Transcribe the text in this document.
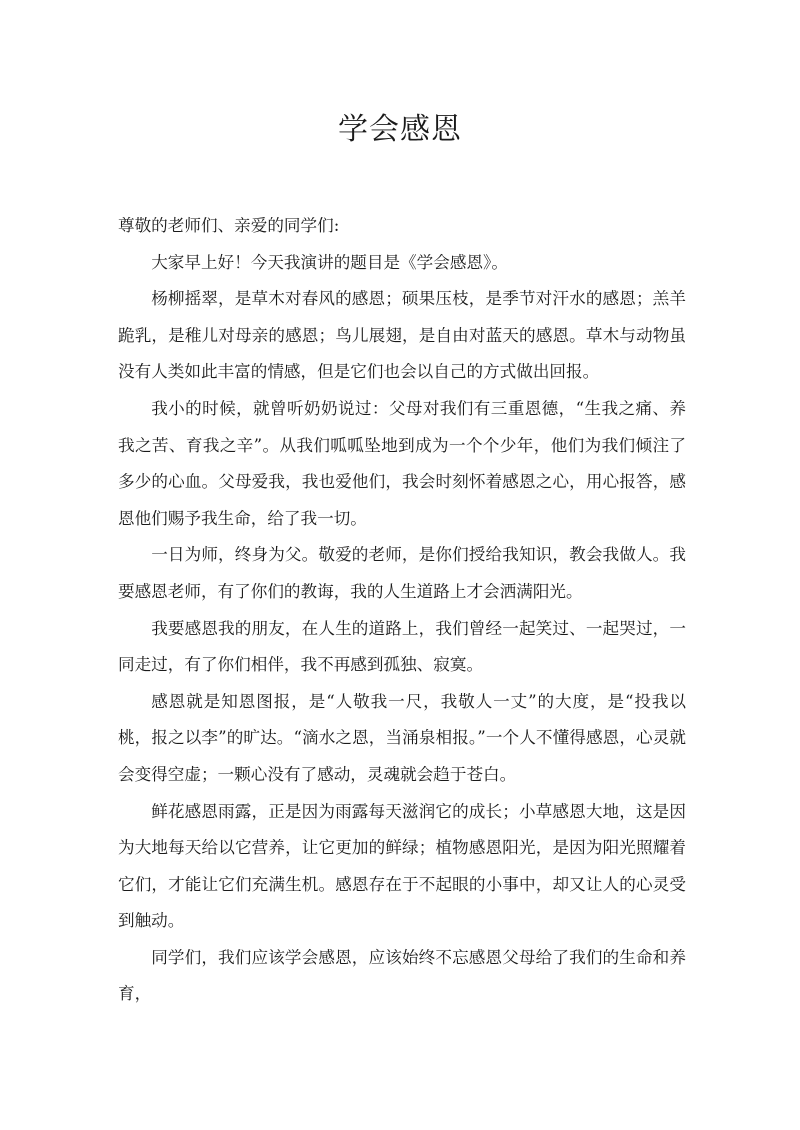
学会感恩

尊敬的老师们、亲爱的同学们:

大家早上好！今天我演讲的题目是《学会感恩》。

杨柳摇翠，是草木对春风的感恩；硕果压枝，是季节对汗水的感恩；羔羊跪乳，是稚儿对母亲的感恩；鸟儿展翅，是自由对蓝天的感恩。草木与动物虽没有人类如此丰富的情感，但是它们也会以自己的方式做出回报。

我小的时候，就曾听奶奶说过：父母对我们有三重恩德，“生我之痛、养我之苦、育我之辛”。从我们呱呱坠地到成为一个个少年，他们为我们倾注了多少的心血。父母爱我，我也爱他们，我会时刻怀着感恩之心，用心报答，感恩他们赐予我生命，给了我一切。

一日为师，终身为父。敬爱的老师，是你们授给我知识，教会我做人。我要感恩老师，有了你们的教诲，我的人生道路上才会洒满阳光。

我要感恩我的朋友，在人生的道路上，我们曾经一起笑过、一起哭过，一同走过，有了你们相伴，我不再感到孤独、寂寞。

感恩就是知恩图报，是“人敬我一尺，我敬人一丈”的大度，是“投我以桃，报之以李”的旷达。“滴水之恩，当涌泉相报。”一个人不懂得感恩，心灵就会变得空虚；一颗心没有了感动，灵魂就会趋于苍白。

鲜花感恩雨露，正是因为雨露每天滋润它的成长；小草感恩大地，这是因为大地每天给以它营养，让它更加的鲜绿；植物感恩阳光，是因为阳光照耀着它们，才能让它们充满生机。感恩存在于不起眼的小事中，却又让人的心灵受到触动。

同学们，我们应该学会感恩，应该始终不忘感恩父母给了我们的生命和养育，
